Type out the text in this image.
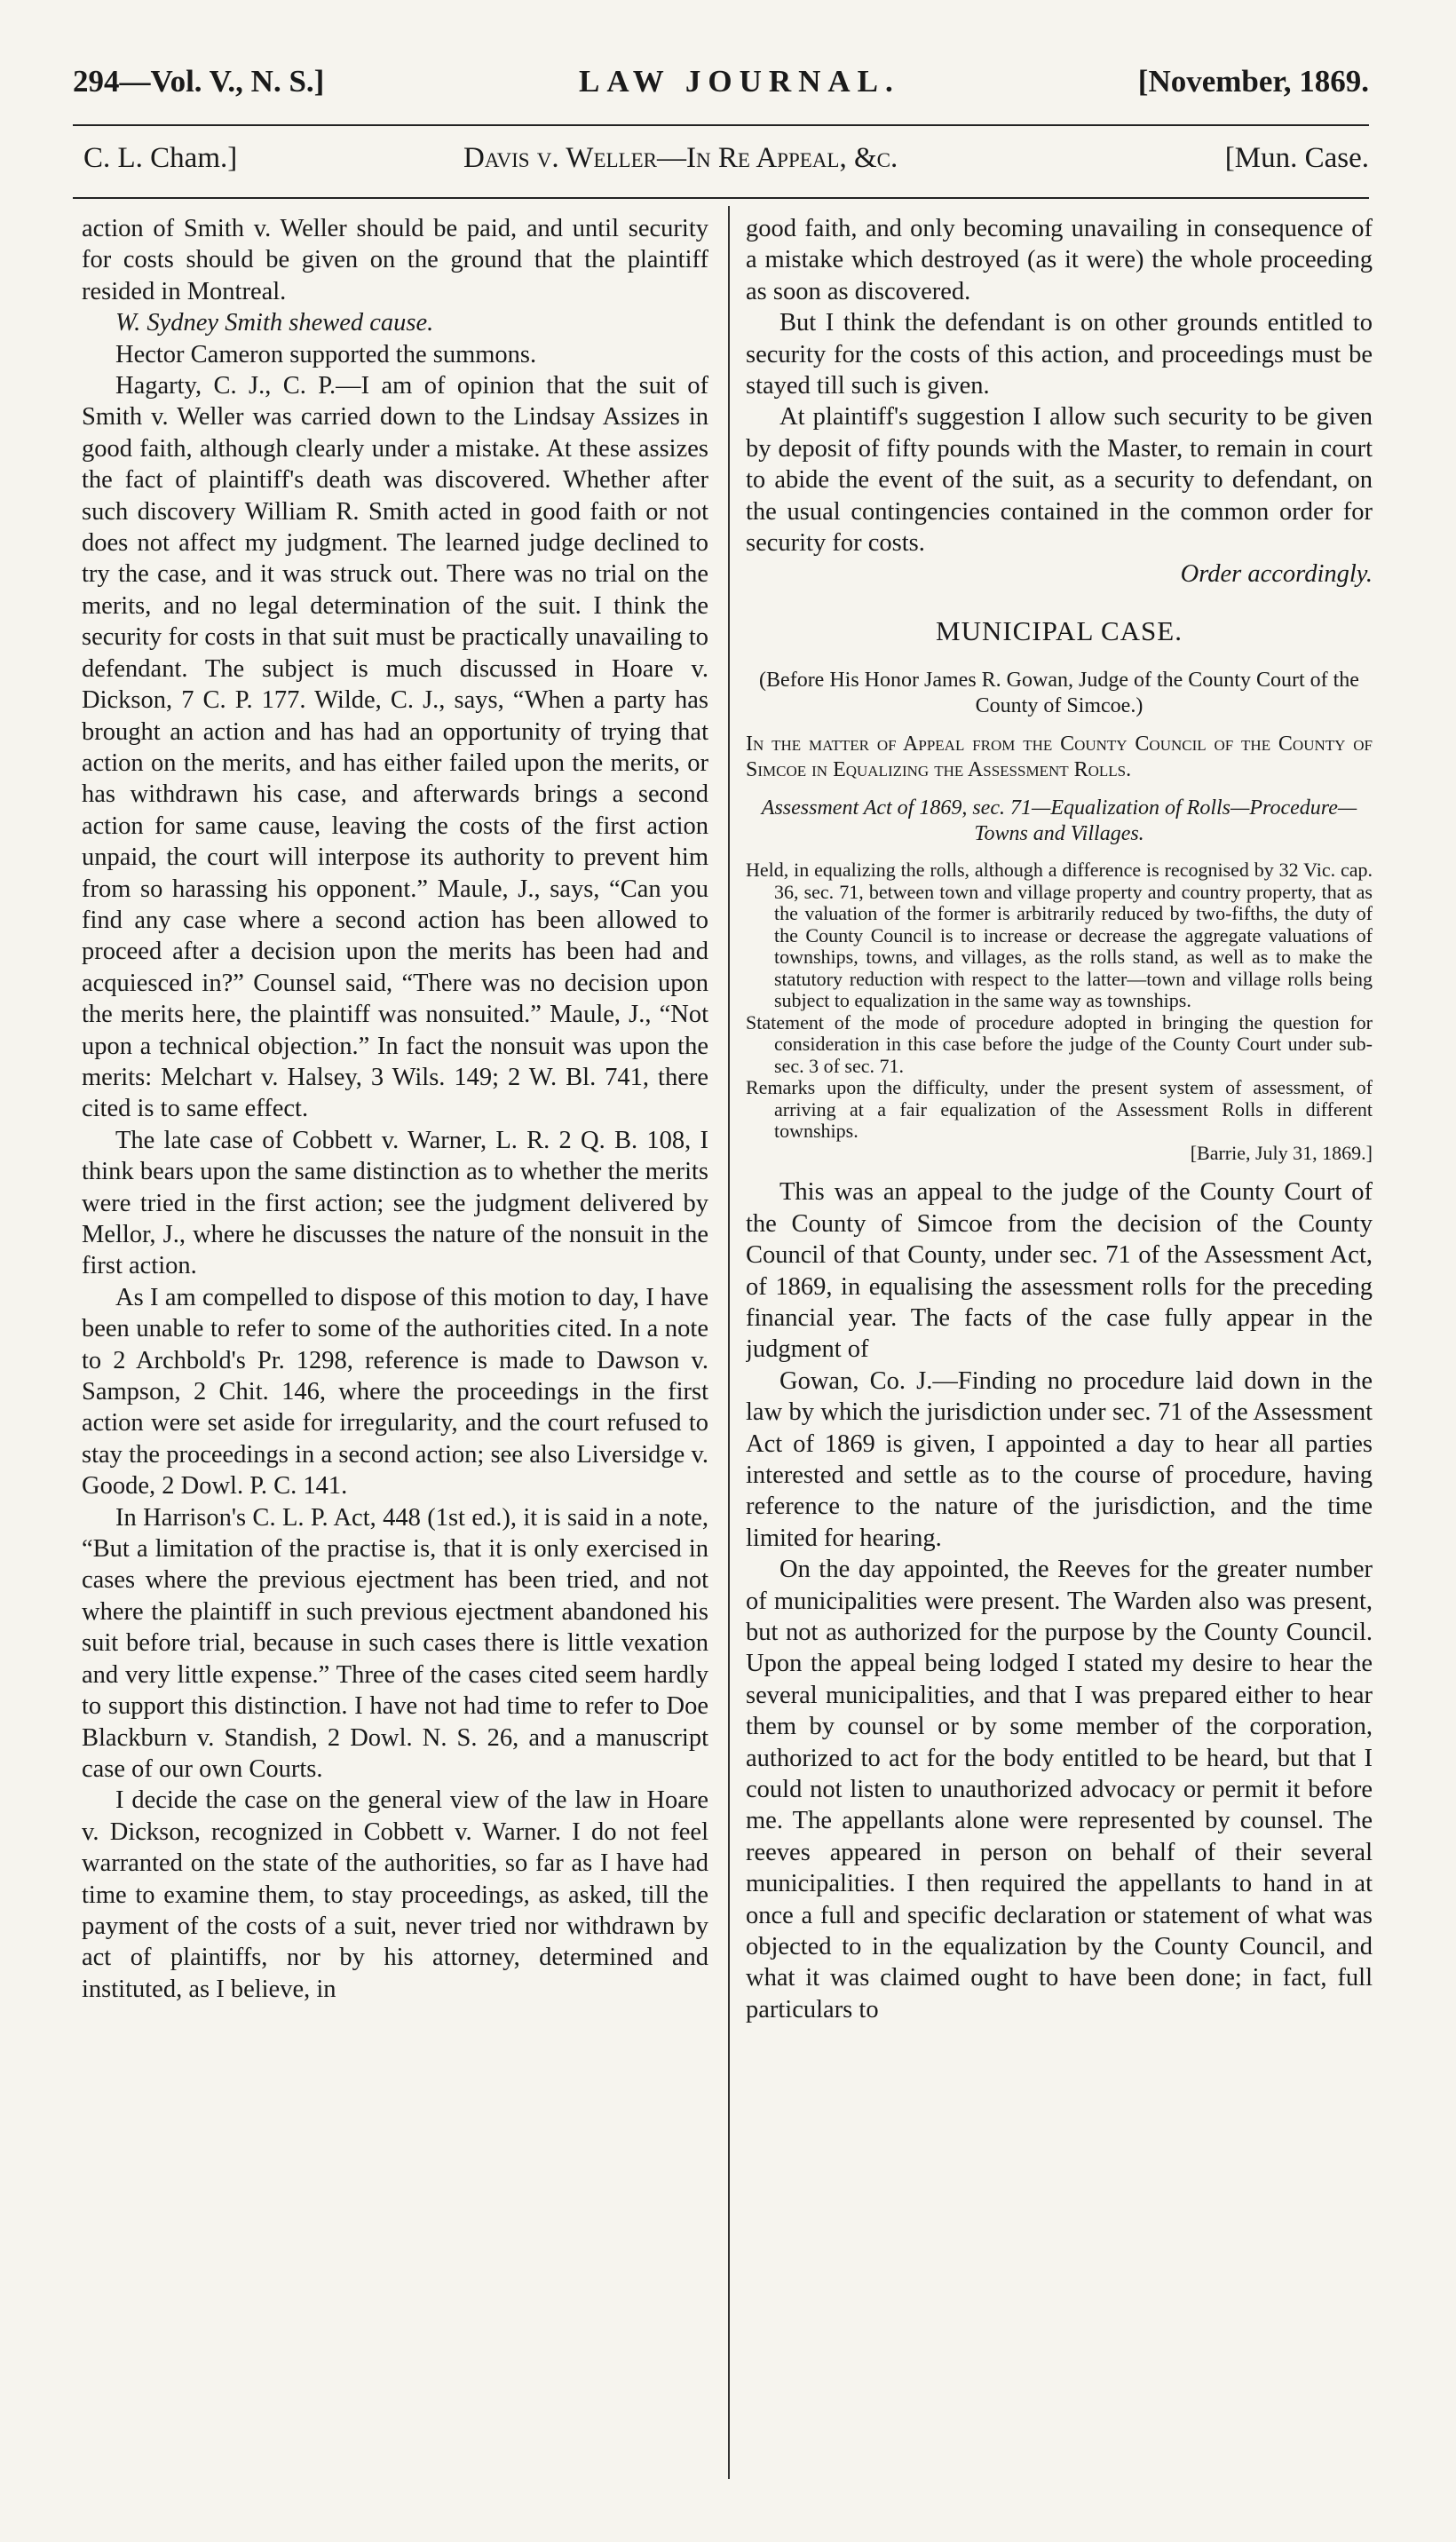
294—Vol. V., N. S.]	LAW JOURNAL.	[November, 1869.
C. L. Cham.]	Davis v. Weller—In Re Appeal, &c.	[Mun. Case.

action of Smith v. Weller should be paid, and until security for costs should be given on the ground that the plaintiff resided in Montreal.

W. Sydney Smith shewed cause.

Hector Cameron supported the summons.

Hagarty, C. J., C. P.—I am of opinion that the suit of Smith v. Weller was carried down to the Lindsay Assizes in good faith, although clearly under a mistake. At these assizes the fact of plaintiff's death was discovered. Whether after such discovery William R. Smith acted in good faith or not does not affect my judgment. The learned judge declined to try the case, and it was struck out. There was no trial on the merits, and no legal determination of the suit. I think the security for costs in that suit must be practically unavailing to defendant. The subject is much discussed in Hoare v. Dickson, 7 C. P. 177. Wilde, C. J., says, “When a party has brought an action and has had an opportunity of trying that action on the merits, and has either failed upon the merits, or has withdrawn his case, and afterwards brings a second action for same cause, leaving the costs of the first action unpaid, the court will interpose its authority to prevent him from so harassing his opponent.” Maule, J., says, “Can you find any case where a second action has been allowed to proceed after a decision upon the merits has been had and acquiesced in?” Counsel said, “There was no decision upon the merits here, the plaintiff was nonsuited.” Maule, J., “Not upon a technical objection.” In fact the nonsuit was upon the merits: Melchart v. Halsey, 3 Wils. 149; 2 W. Bl. 741, there cited is to same effect.

The late case of Cobbett v. Warner, L. R. 2 Q. B. 108, I think bears upon the same distinction as to whether the merits were tried in the first action; see the judgment delivered by Mellor, J., where he discusses the nature of the nonsuit in the first action.

As I am compelled to dispose of this motion to day, I have been unable to refer to some of the authorities cited. In a note to 2 Archbold's Pr. 1298, reference is made to Dawson v. Sampson, 2 Chit. 146, where the proceedings in the first action were set aside for irregularity, and the court refused to stay the proceedings in a second action; see also Liversidge v. Goode, 2 Dowl. P. C. 141.

In Harrison's C. L. P. Act, 448 (1st ed.), it is said in a note, “But a limitation of the practise is, that it is only exercised in cases where the previous ejectment has been tried, and not where the plaintiff in such previous ejectment abandoned his suit before trial, because in such cases there is little vexation and very little expense.” Three of the cases cited seem hardly to support this distinction. I have not had time to refer to Doe Blackburn v. Standish, 2 Dowl. N. S. 26, and a manuscript case of our own Courts.

I decide the case on the general view of the law in Hoare v. Dickson, recognized in Cobbett v. Warner. I do not feel warranted on the state of the authorities, so far as I have had time to examine them, to stay proceedings, as asked, till the payment of the costs of a suit, never tried nor withdrawn by act of plaintiffs, nor by his attorney, determined and instituted, as I believe, in

good faith, and only becoming unavailing in consequence of a mistake which destroyed (as it were) the whole proceeding as soon as discovered.

But I think the defendant is on other grounds entitled to security for the costs of this action, and proceedings must be stayed till such is given.

At plaintiff's suggestion I allow such security to be given by deposit of fifty pounds with the Master, to remain in court to abide the event of the suit, as a security to defendant, on the usual contingencies contained in the common order for security for costs.

Order accordingly.

MUNICIPAL CASE.

(Before His Honor James R. Gowan, Judge of the County Court of the County of Simcoe.)

In the matter of Appeal from the County Council of the County of Simcoe in Equalizing the Assessment Rolls.

Assessment Act of 1869, sec. 71—Equalization of Rolls—Procedure—Towns and Villages.

Held, in equalizing the rolls, although a difference is recognised by 32 Vic. cap. 36, sec. 71, between town and village property and country property, that as the valuation of the former is arbitrarily reduced by two-fifths, the duty of the County Council is to increase or decrease the aggregate valuations of townships, towns, and villages, as the rolls stand, as well as to make the statutory reduction with respect to the latter—town and village rolls being subject to equalization in the same way as townships.

Statement of the mode of procedure adopted in bringing the question for consideration in this case before the judge of the County Court under sub-sec. 3 of sec. 71.

Remarks upon the difficulty, under the present system of assessment, of arriving at a fair equalization of the Assessment Rolls in different townships.

[Barrie, July 31, 1869.]

This was an appeal to the judge of the County Court of the County of Simcoe from the decision of the County Council of that County, under sec. 71 of the Assessment Act, of 1869, in equalising the assessment rolls for the preceding financial year. The facts of the case fully appear in the judgment of

Gowan, Co. J.—Finding no procedure laid down in the law by which the jurisdiction under sec. 71 of the Assessment Act of 1869 is given, I appointed a day to hear all parties interested and settle as to the course of procedure, having reference to the nature of the jurisdiction, and the time limited for hearing.

On the day appointed, the Reeves for the greater number of municipalities were present. The Warden also was present, but not as authorized for the purpose by the County Council. Upon the appeal being lodged I stated my desire to hear the several municipalities, and that I was prepared either to hear them by counsel or by some member of the corporation, authorized to act for the body entitled to be heard, but that I could not listen to unauthorized advocacy or permit it before me. The appellants alone were represented by counsel. The reeves appeared in person on behalf of their several municipalities. I then required the appellants to hand in at once a full and specific declaration or statement of what was objected to in the equalization by the County Council, and what it was claimed ought to have been done; in fact, full particulars to
